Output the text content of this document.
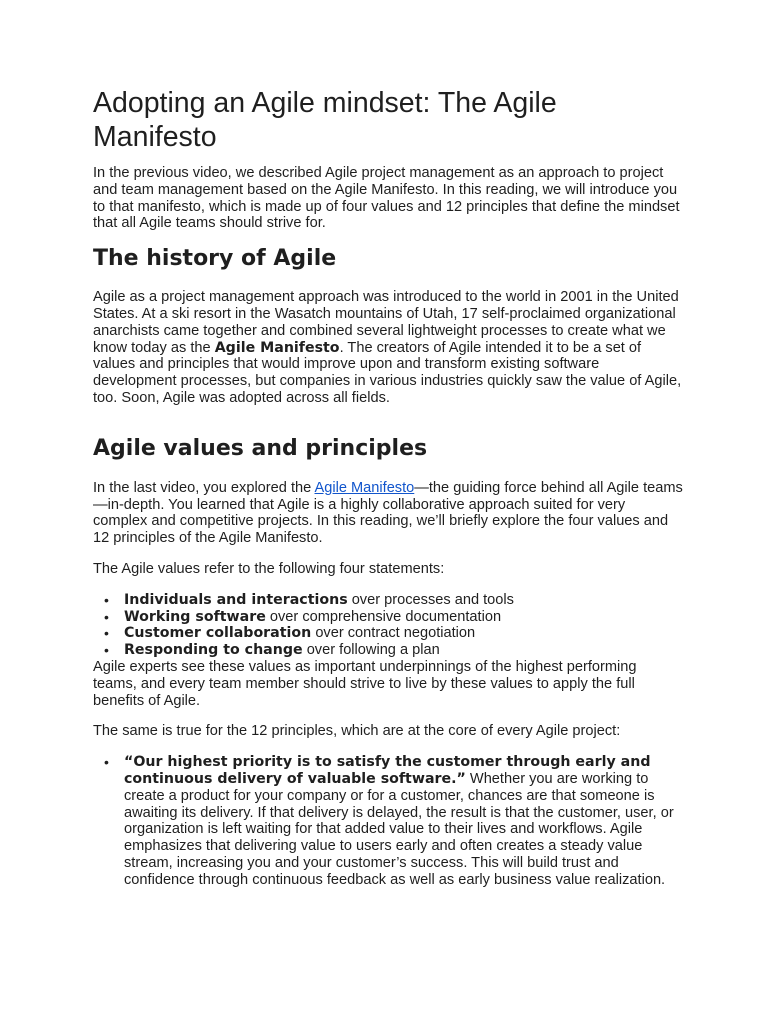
Adopting an Agile mindset: The Agile Manifesto

In the previous video, we described Agile project management as an approach to project and team management based on the Agile Manifesto. In this reading, we will introduce you to that manifesto, which is made up of four values and 12 principles that define the mindset that all Agile teams should strive for.

The history of Agile

Agile as a project management approach was introduced to the world in 2001 in the United States. At a ski resort in the Wasatch mountains of Utah, 17 self-proclaimed organizational anarchists came together and combined several lightweight processes to create what we know today as the Agile Manifesto. The creators of Agile intended it to be a set of values and principles that would improve upon and transform existing software development processes, but companies in various industries quickly saw the value of Agile, too. Soon, Agile was adopted across all fields.

Agile values and principles

In the last video, you explored the Agile Manifesto—the guiding force behind all Agile teams—in-depth. You learned that Agile is a highly collaborative approach suited for very complex and competitive projects. In this reading, we’ll briefly explore the four values and 12 principles of the Agile Manifesto.

The Agile values refer to the following four statements:

• Individuals and interactions over processes and tools
• Working software over comprehensive documentation
• Customer collaboration over contract negotiation
• Responding to change over following a plan

Agile experts see these values as important underpinnings of the highest performing teams, and every team member should strive to live by these values to apply the full benefits of Agile.

The same is true for the 12 principles, which are at the core of every Agile project:

• “Our highest priority is to satisfy the customer through early and continuous delivery of valuable software.” Whether you are working to create a product for your company or for a customer, chances are that someone is awaiting its delivery. If that delivery is delayed, the result is that the customer, user, or organization is left waiting for that added value to their lives and workflows. Agile emphasizes that delivering value to users early and often creates a steady value stream, increasing you and your customer’s success. This will build trust and confidence through continuous feedback as well as early business value realization.
